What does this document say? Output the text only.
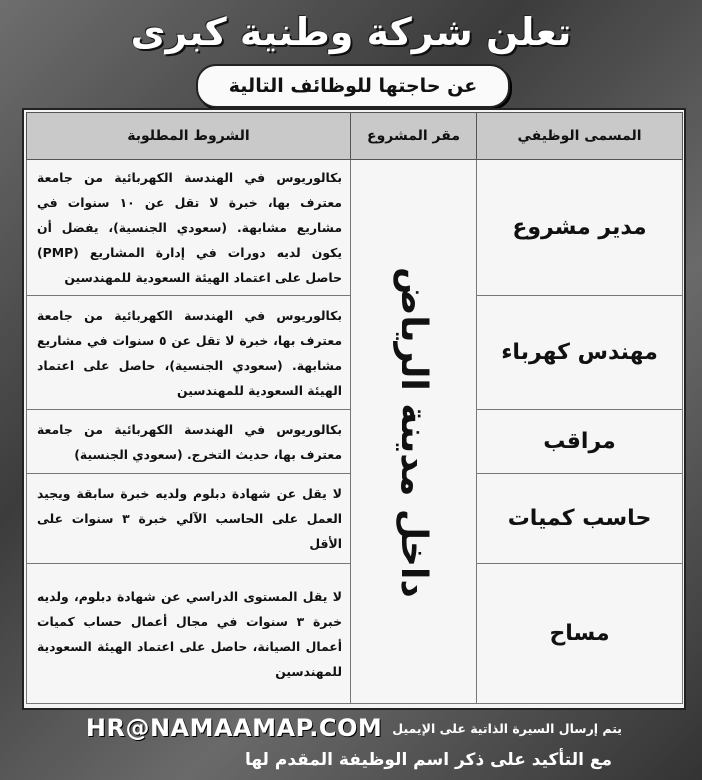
تعلن شركة وطنية كبرى
عن حاجتها للوظائف التالية
المسمى الوظيفي	مقر المشروع	الشروط المطلوبة
مدير مشروع	داخل مدينة الرياض	بكالوريوس في الهندسة الكهربائية من جامعة معترف بها، خبرة لا تقل عن ١٠ سنوات في مشاريع مشابهة. (سعودي الجنسية)، يفضل أن يكون لديه دورات في إدارة المشاريع (PMP) حاصل على اعتماد الهيئة السعودية للمهندسين
مهندس كهرباء		بكالوريوس في الهندسة الكهربائية من جامعة معترف بها، خبرة لا تقل عن ٥ سنوات في مشاريع مشابهة. (سعودي الجنسية)، حاصل على اعتماد الهيئة السعودية للمهندسين
مراقب		بكالوريوس في الهندسة الكهربائية من جامعة معترف بها، حديث التخرج. (سعودي الجنسية)
حاسب كميات		لا يقل عن شهادة دبلوم ولديه خبرة سابقة ويجيد العمل على الحاسب الآلي خبرة ٣ سنوات على الأقل
مساح		لا يقل المستوى الدراسي عن شهادة دبلوم، ولديه خبرة ٣ سنوات في مجال أعمال حساب كميات أعمال الصيانة، حاصل على اعتماد الهيئة السعودية للمهندسين
يتم إرسال السيرة الذاتية على الإيميل
HR@NAMAAMAP.COM
مع التأكيد على ذكر اسم الوظيفة المقدم لها
